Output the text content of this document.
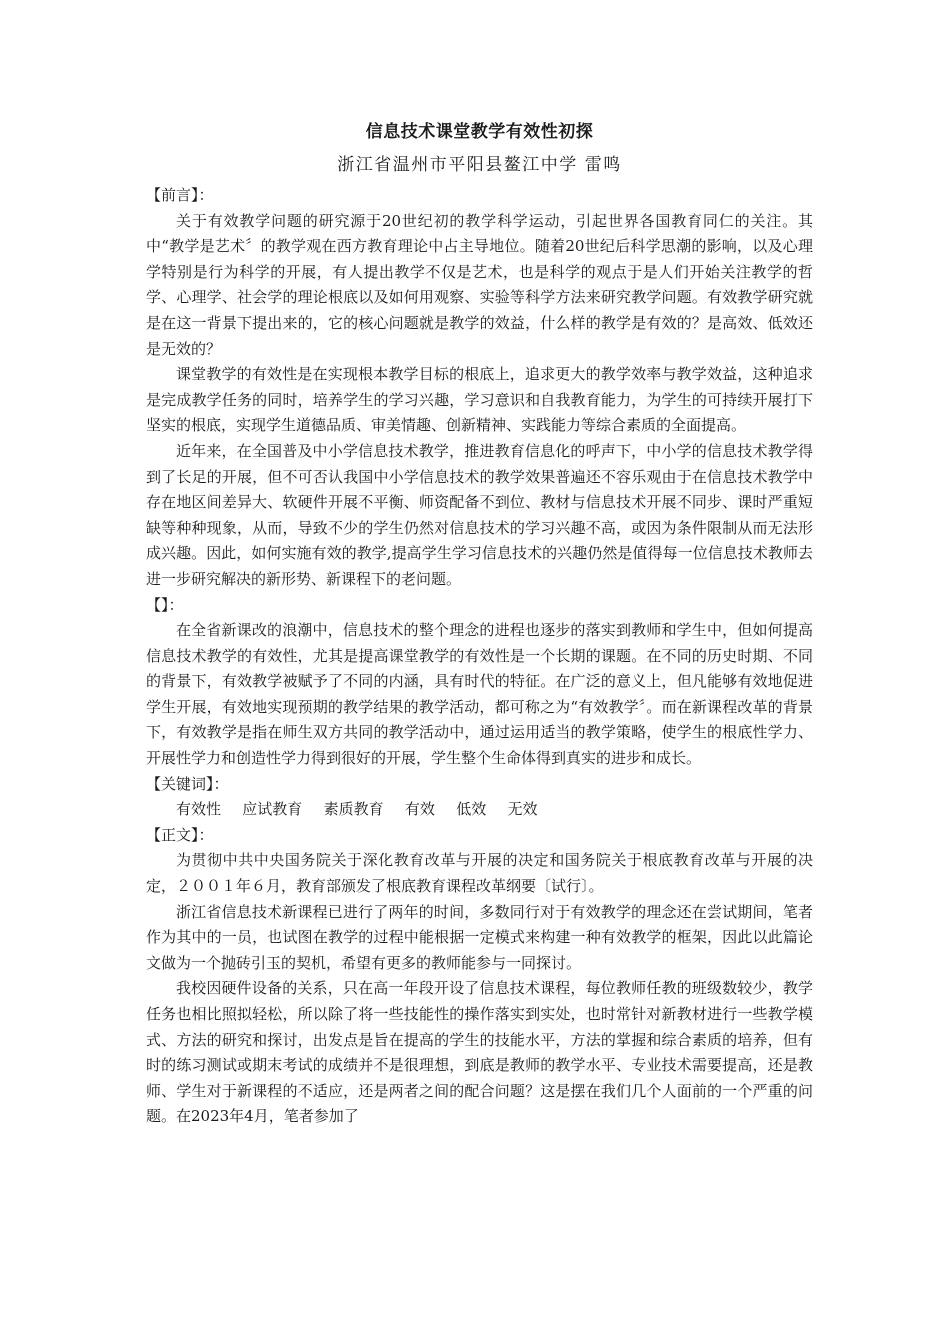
信息技术课堂教学有效性初探
浙江省温州市平阳县鳌江中学 雷鸣
【前言】：

关于有效教学问题的研究源于20世纪初的教学科学运动，引起世界各国教育同仁的关注。其中“教学是艺术〞的教学观在西方教育理论中占主导地位。随着20世纪后科学思潮的影响，以及心理学特别是行为科学的开展，有人提出教学不仅是艺术，也是科学的观点于是人们开始关注教学的哲学、心理学、社会学的理论根底以及如何用观察、实验等科学方法来研究教学问题。有效教学研究就是在这一背景下提出来的，它的核心问题就是教学的效益，什么样的教学是有效的？是高效、低效还是无效的？

课堂教学的有效性是在实现根本教学目标的根底上，追求更大的教学效率与教学效益，这种追求是完成教学任务的同时，培养学生的学习兴趣，学习意识和自我教育能力，为学生的可持续开展打下坚实的根底，实现学生道德品质、审美情趣、创新精神、实践能力等综合素质的全面提高。

近年来，在全国普及中小学信息技术教学，推进教育信息化的呼声下，中小学的信息技术教学得到了长足的开展，但不可否认我国中小学信息技术的教学效果普遍还不容乐观由于在信息技术教学中存在地区间差异大、软硬件开展不平衡、师资配备不到位、教材与信息技术开展不同步、课时严重短缺等种种现象，从而，导致不少的学生仍然对信息技术的学习兴趣不高，或因为条件限制从而无法形成兴趣。因此，如何实施有效的教学,提高学生学习信息技术的兴趣仍然是值得每一位信息技术教师去进一步研究解决的新形势、新课程下的老问题。

【】：

在全省新课改的浪潮中，信息技术的整个理念的进程也逐步的落实到教师和学生中，但如何提高信息技术教学的有效性，尤其是提高课堂教学的有效性是一个长期的课题。在不同的历史时期、不同的背景下，有效教学被赋予了不同的内涵，具有时代的特征。在广泛的意义上，但凡能够有效地促进学生开展，有效地实现预期的教学结果的教学活动，都可称之为“有效教学〞。而在新课程改革的背景下，有效教学是指在师生双方共同的教学活动中，通过运用适当的教学策略，使学生的根底性学力、开展性学力和创造性学力得到很好的开展，学生整个生命体得到真实的进步和成长。

【关键词】：
有效性 应试教育 素质教育 有效 低效 无效
【正文】：

为贯彻中共中央国务院关于深化教育改革与开展的决定和国务院关于根底教育改革与开展的决定，２００１年６月，教育部颁发了根底教育课程改革纲要〔试行〕。

浙江省信息技术新课程已进行了两年的时间，多数同行对于有效教学的理念还在尝试期间，笔者作为其中的一员，也试图在教学的过程中能根据一定模式来构建一种有效教学的框架，因此以此篇论文做为一个抛砖引玉的契机，希望有更多的教师能参与一同探讨。

我校因硬件设备的关系，只在高一年段开设了信息技术课程，每位教师任教的班级数较少，教学任务也相比照拟轻松，所以除了将一些技能性的操作落实到实处，也时常针对新教材进行一些教学模式、方法的研究和探讨，出发点是旨在提高的学生的技能水平，方法的掌握和综合素质的培养，但有时的练习测试或期末考试的成绩并不是很理想，到底是教师的教学水平、专业技术需要提高，还是教师、学生对于新课程的不适应，还是两者之间的配合问题？这是摆在我们几个人面前的一个严重的问题。在2023年4月，笔者参加了
